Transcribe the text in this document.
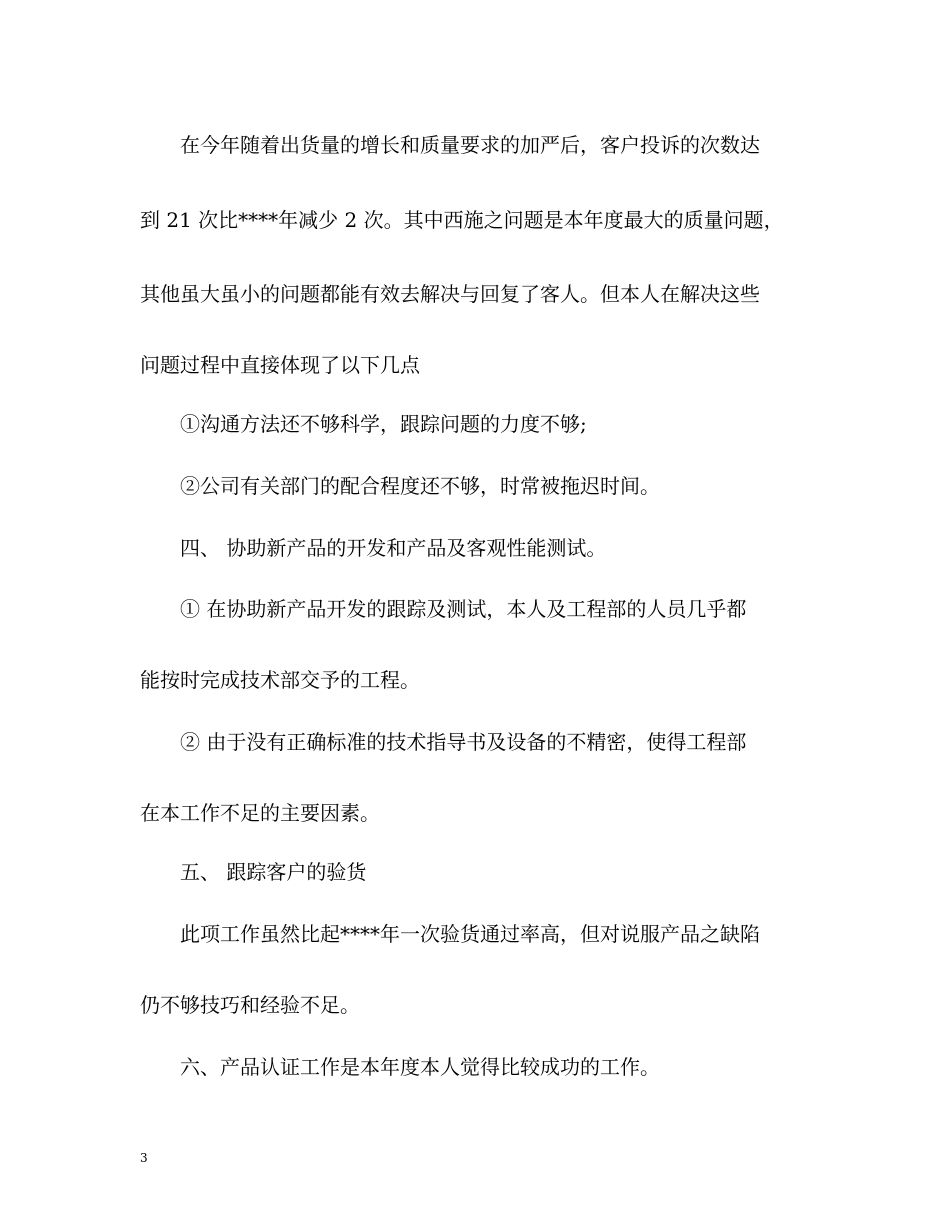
在今年随着出货量的增长和质量要求的加严后，客户投诉的次数达
到 21 次比****年减少 2 次。其中西施之问题是本年度最大的质量问题，
其他虽大虽小的问题都能有效去解决与回复了客人。但本人在解决这些
问题过程中直接体现了以下几点
①沟通方法还不够科学，跟踪问题的力度不够;
②公司有关部门的配合程度还不够，时常被拖迟时间。
四、 协助新产品的开发和产品及客观性能测试。
① 在协助新产品开发的跟踪及测试，本人及工程部的人员几乎都
能按时完成技术部交予的工程。
② 由于没有正确标准的技术指导书及设备的不精密，使得工程部
在本工作不足的主要因素。
五、 跟踪客户的验货
此项工作虽然比起****年一次验货通过率高，但对说服产品之缺陷
仍不够技巧和经验不足。
六、产品认证工作是本年度本人觉得比较成功的工作。
3
